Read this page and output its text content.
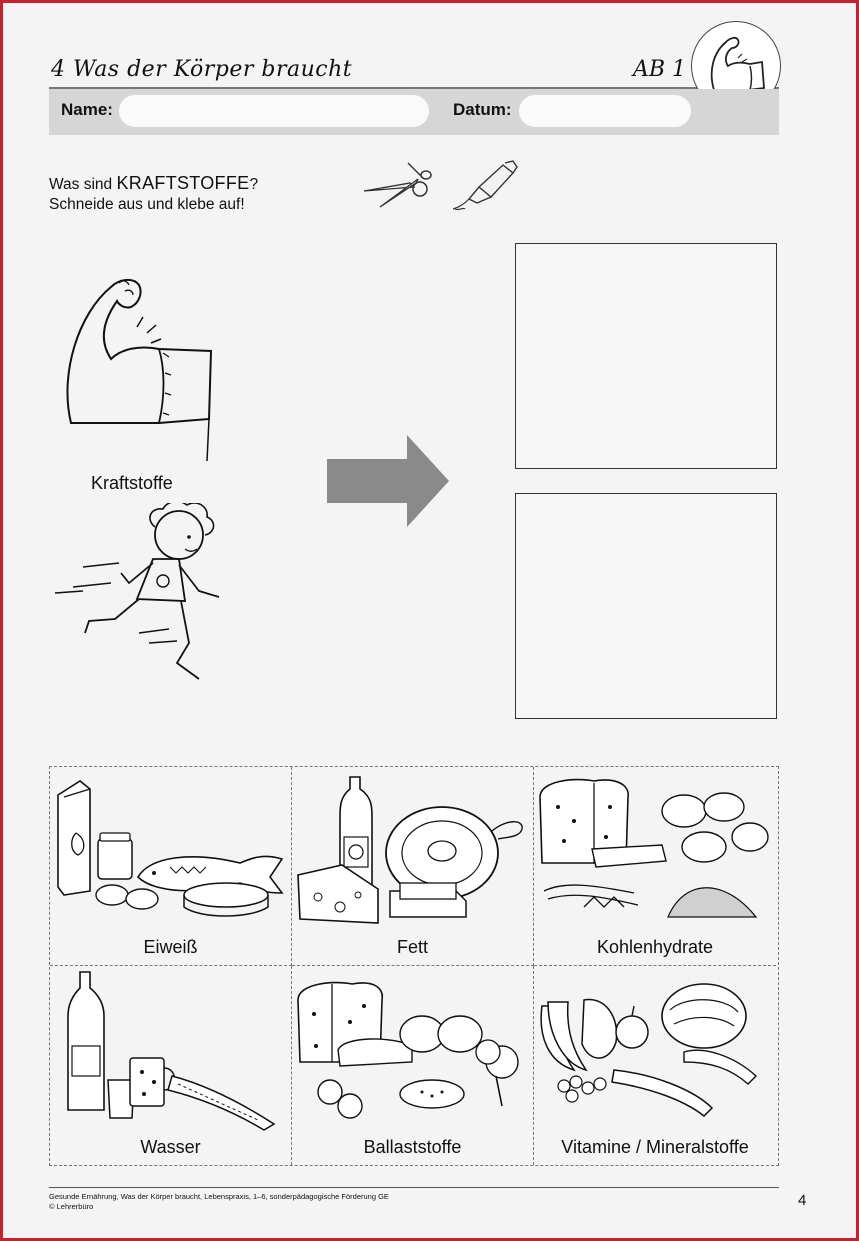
4 Was der Körper braucht	AB 1
Name:	Datum:
Was sind KRAFTSTOFFE?
Schneide aus und klebe auf!
Kraftstoffe
Eiweiß	Fett	Kohlenhydrate
Wasser	Ballaststoffe	Vitamine / Mineralstoffe
Gesunde Ernährung, Was der Körper braucht, Lebenspraxis, 1–6, sonderpädagogische Förderung GE
© Lehrerbüro	4
